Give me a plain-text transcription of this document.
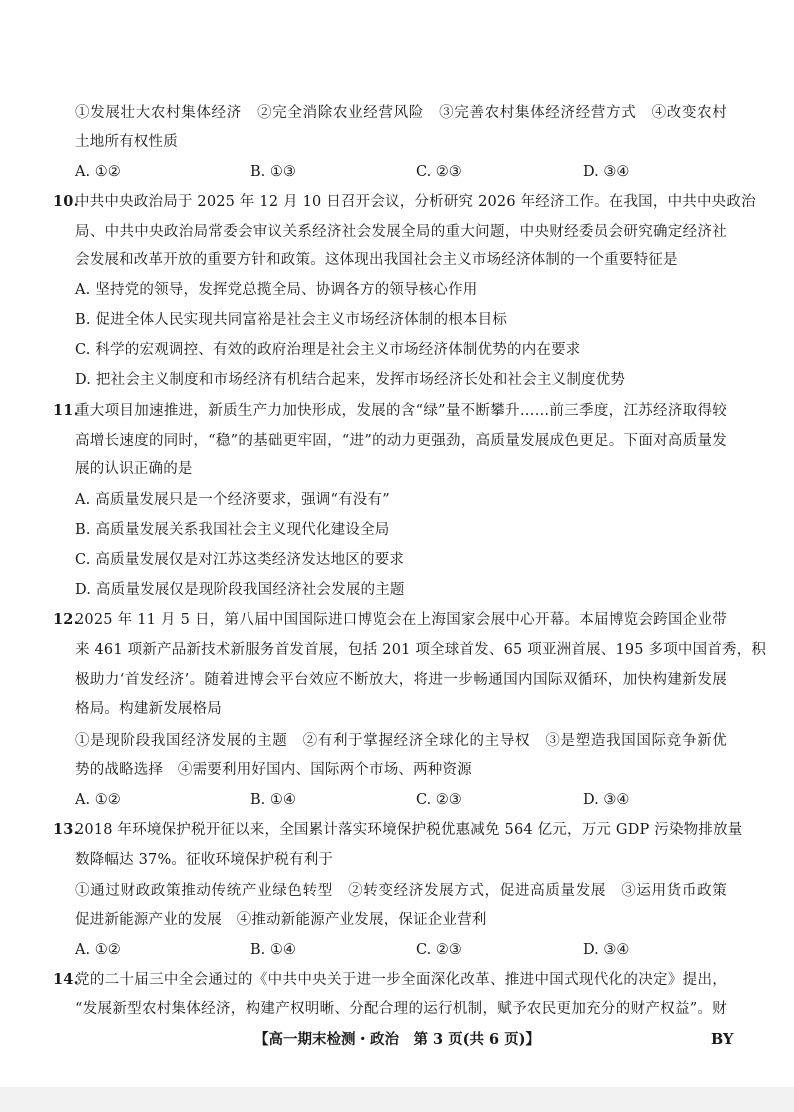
①发展壮大农村集体经济　②完全消除农业经营风险　③完善农村集体经济经营方式　④改变农村
土地所有权性质
A. ①②	B. ①③	C. ②③	D. ③④
10.
中共中央政治局于 2025 年 12 月 10 日召开会议，分析研究 2026 年经济工作。在我国，中共中央政治
局、中共中央政治局常委会审议关系经济社会发展全局的重大问题，中央财经委员会研究确定经济社
会发展和改革开放的重要方针和政策。这体现出我国社会主义市场经济体制的一个重要特征是
A. 坚持党的领导，发挥党总揽全局、协调各方的领导核心作用
B. 促进全体人民实现共同富裕是社会主义市场经济体制的根本目标
C. 科学的宏观调控、有效的政府治理是社会主义市场经济体制优势的内在要求
D. 把社会主义制度和市场经济有机结合起来，发挥市场经济长处和社会主义制度优势
11.
重大项目加速推进，新质生产力加快形成，发展的含“绿”量不断攀升……前三季度，江苏经济取得较
高增长速度的同时，“稳”的基础更牢固，“进”的动力更强劲，高质量发展成色更足。下面对高质量发
展的认识正确的是
A. 高质量发展只是一个经济要求，强调“有没有”
B. 高质量发展关系我国社会主义现代化建设全局
C. 高质量发展仅是对江苏这类经济发达地区的要求
D. 高质量发展仅是现阶段我国经济社会发展的主题
12.
2025 年 11 月 5 日，第八届中国国际进口博览会在上海国家会展中心开幕。本届博览会跨国企业带
来 461 项新产品新技术新服务首发首展，包括 201 项全球首发、65 项亚洲首展、195 多项中国首秀，积
极助力‘首发经济’。随着进博会平台效应不断放大，将进一步畅通国内国际双循环，加快构建新发展
格局。构建新发展格局
①是现阶段我国经济发展的主题　②有利于掌握经济全球化的主导权　③是塑造我国国际竞争新优
势的战略选择　④需要利用好国内、国际两个市场、两种资源
A. ①②	B. ①④	C. ②③	D. ③④
13.
2018 年环境保护税开征以来，全国累计落实环境保护税优惠减免 564 亿元，万元 GDP 污染物排放量
数降幅达 37%。征收环境保护税有利于
①通过财政政策推动传统产业绿色转型　②转变经济发展方式，促进高质量发展　③运用货币政策
促进新能源产业的发展　④推动新能源产业发展，保证企业营利
A. ①②	B. ①④	C. ②③	D. ③④
14.
党的二十届三中全会通过的《中共中央关于进一步全面深化改革、推进中国式现代化的决定》提出，
“发展新型农村集体经济，构建产权明晰、分配合理的运行机制，赋予农民更加充分的财产权益”。财
【高一期末检测・政治　第 3 页(共 6 页)】	BY
